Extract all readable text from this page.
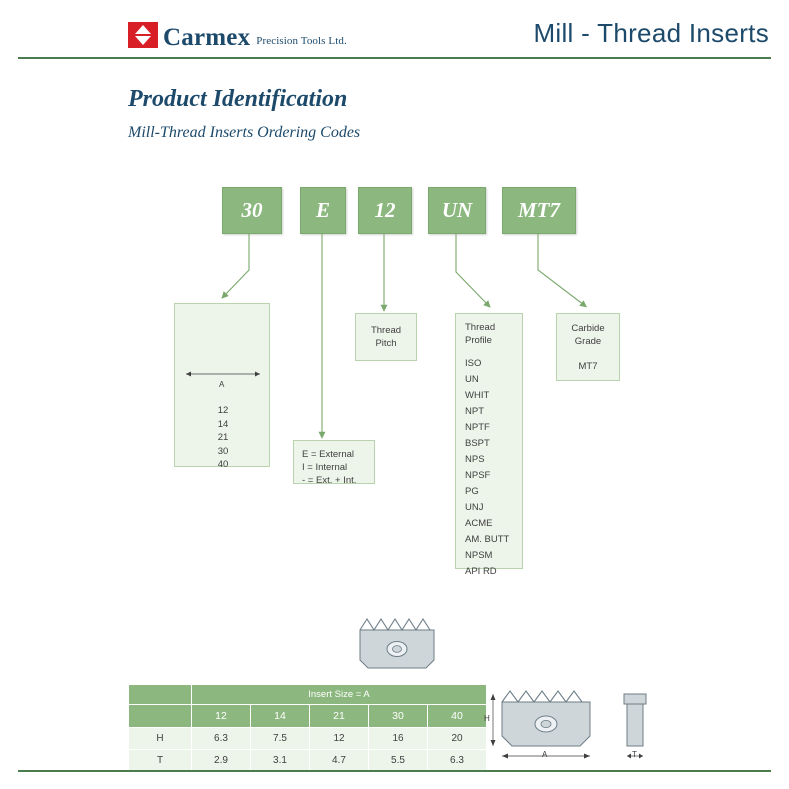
Carmex Precision Tools Ltd.	Mill - Thread Inserts
Product Identification
Mill-Thread Inserts Ordering Codes
30	E	12	UN	MT7
A
12
14
21
30
40
E = External
I = Internal
- = Ext. + Int.
Thread
Pitch
Thread
Profile
ISO
UN
WHIT
NPT
NPTF
BSPT
NPS
NPSF
PG
UNJ
ACME
AM. BUTT
NPSM
API RD
Carbide
Grade
MT7
	Insert Size = A				
	12	14	21	30	40
H	6.3	7.5	12	16	20
T	2.9	3.1	4.7	5.5	6.3
H
A	T
